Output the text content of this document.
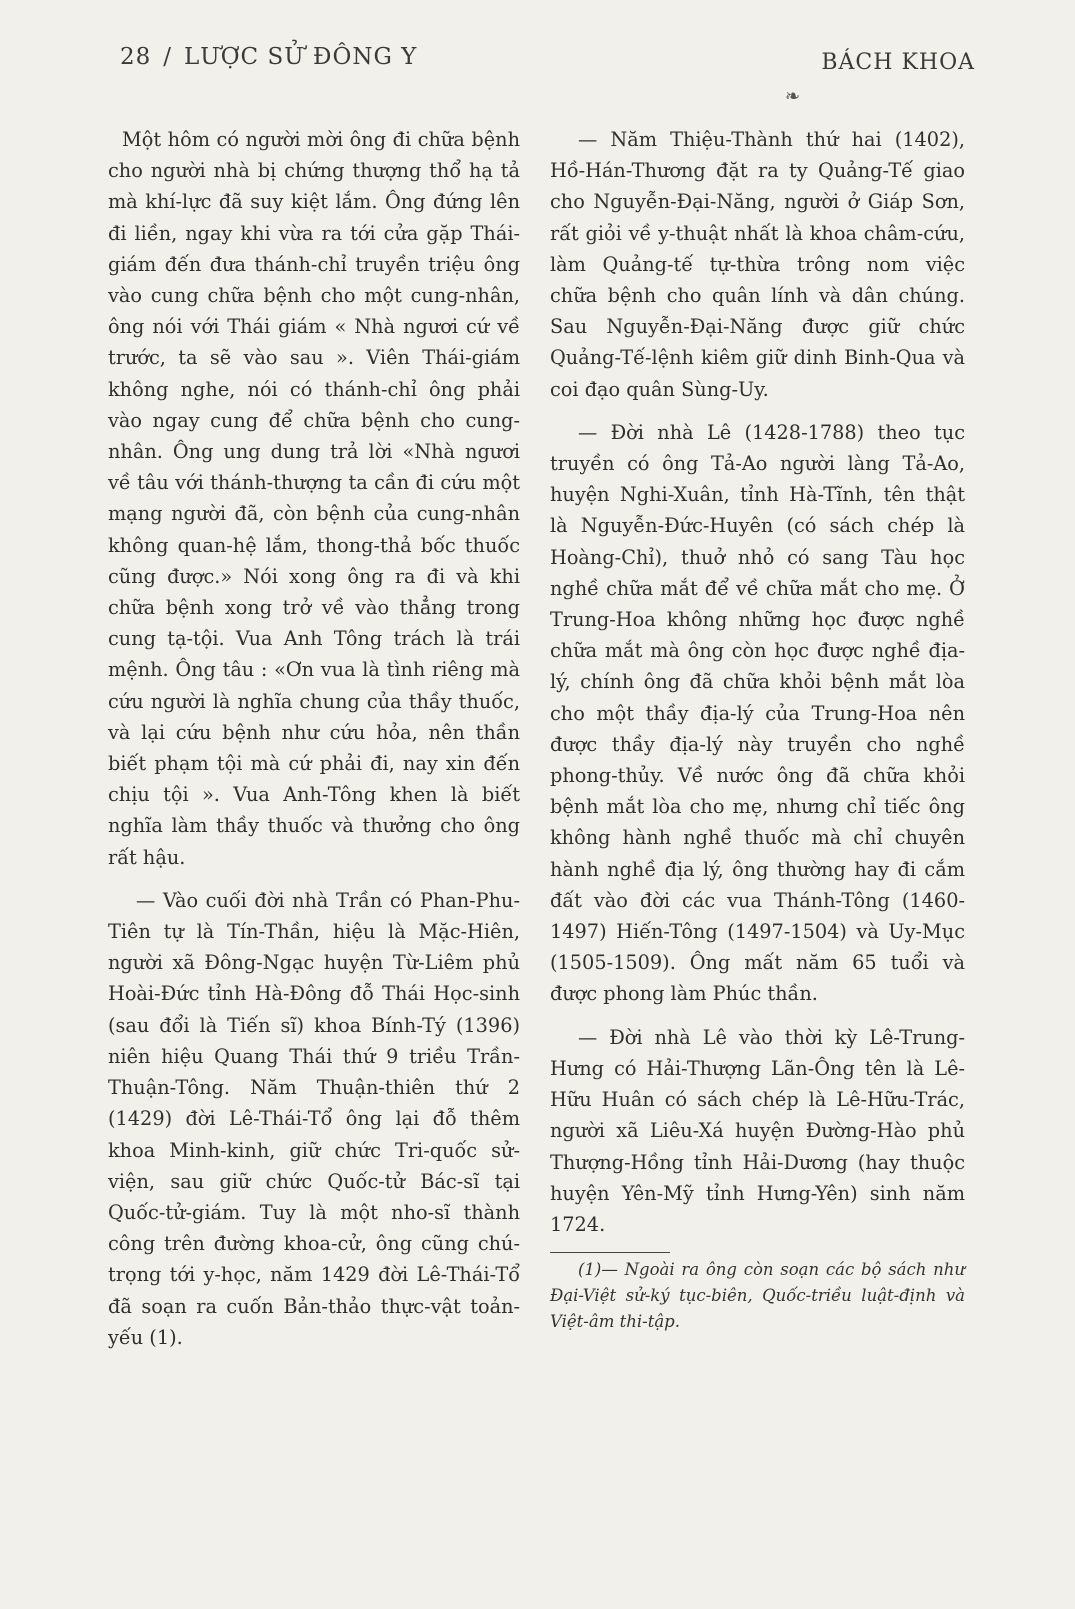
28 / LƯỢC SỬ ĐÔNG Y	BÁCH KHOA
❧

Một hôm có người mời ông đi chữa bệnh cho người nhà bị chứng thượng thổ hạ tả mà khí-lực đã suy kiệt lắm. Ông đứng lên đi liền, ngay khi vừa ra tới cửa gặp Thái-giám đến đưa thánh-chỉ truyền triệu ông vào cung chữa bệnh cho một cung-nhân, ông nói với Thái giám « Nhà ngươi cứ về trước, ta sẽ vào sau ». Viên Thái-giám không nghe, nói có thánh-chỉ ông phải vào ngay cung để chữa bệnh cho cung-nhân. Ông ung dung trả lời «Nhà ngươi về tâu với thánh-thượng ta cần đi cứu một mạng người đã, còn bệnh của cung-nhân không quan-hệ lắm, thong-thả bốc thuốc cũng được.» Nói xong ông ra đi và khi chữa bệnh xong trở về vào thẳng trong cung tạ-tội. Vua Anh Tông trách là trái mệnh. Ông tâu : «Ơn vua là tình riêng mà cứu người là nghĩa chung của thầy thuốc, và lại cứu bệnh như cứu hỏa, nên thần biết phạm tội mà cứ phải đi, nay xin đến chịu tội ». Vua Anh-Tông khen là biết nghĩa làm thầy thuốc và thưởng cho ông rất hậu.

— Vào cuối đời nhà Trần có Phan-Phu-Tiên tự là Tín-Thần, hiệu là Mặc-Hiên, người xã Đông-Ngạc huyện Từ-Liêm phủ Hoài-Đức tỉnh Hà-Đông đỗ Thái Học-sinh (sau đổi là Tiến sĩ) khoa Bính-Tý (1396) niên hiệu Quang Thái thứ 9 triều Trần-Thuận-Tông. Năm Thuận-thiên thứ 2 (1429) đời Lê-Thái-Tổ ông lại đỗ thêm khoa Minh-kinh, giữ chức Tri-quốc sử-viện, sau giữ chức Quốc-tử Bác-sĩ tại Quốc-tử-giám. Tuy là một nho-sĩ thành công trên đường khoa-cử, ông cũng chú-trọng tới y-học, năm 1429 đời Lê-Thái-Tổ đã soạn ra cuốn Bản-thảo thực-vật toản-yếu (1).

— Năm Thiệu-Thành thứ hai (1402), Hồ-Hán-Thương đặt ra ty Quảng-Tế giao cho Nguyễn-Đại-Năng, người ở Giáp Sơn, rất giỏi về y-thuật nhất là khoa châm-cứu, làm Quảng-tế tự-thừa trông nom việc chữa bệnh cho quân lính và dân chúng. Sau Nguyễn-Đại-Năng được giữ chức Quảng-Tế-lệnh kiêm giữ dinh Binh-Qua và coi đạo quân Sùng-Uy.

— Đời nhà Lê (1428-1788) theo tục truyền có ông Tả-Ao người làng Tả-Ao, huyện Nghi-Xuân, tỉnh Hà-Tĩnh, tên thật là Nguyễn-Đức-Huyên (có sách chép là Hoàng-Chỉ), thuở nhỏ có sang Tàu học nghề chữa mắt để về chữa mắt cho mẹ. Ở Trung-Hoa không những học được nghề chữa mắt mà ông còn học được nghề địa-lý, chính ông đã chữa khỏi bệnh mắt lòa cho một thầy địa-lý của Trung-Hoa nên được thầy địa-lý này truyền cho nghề phong-thủy. Về nước ông đã chữa khỏi bệnh mắt lòa cho mẹ, nhưng chỉ tiếc ông không hành nghề thuốc mà chỉ chuyên hành nghề địa lý, ông thường hay đi cắm đất vào đời các vua Thánh-Tông (1460-1497) Hiến-Tông (1497-1504) và Uy-Mục (1505-1509). Ông mất năm 65 tuổi và được phong làm Phúc thần.

— Đời nhà Lê vào thời kỳ Lê-Trung-Hưng có Hải-Thượng Lãn-Ông tên là Lê-Hữu Huân có sách chép là Lê-Hữu-Trác, người xã Liêu-Xá huyện Đường-Hào phủ Thượng-Hồng tỉnh Hải-Dương (hay thuộc huyện Yên-Mỹ tỉnh Hưng-Yên) sinh năm 1724.

(1)— Ngoài ra ông còn soạn các bộ sách như Đại-Việt sử-ký tục-biên, Quốc-triều luật-định và Việt-âm thi-tập.
